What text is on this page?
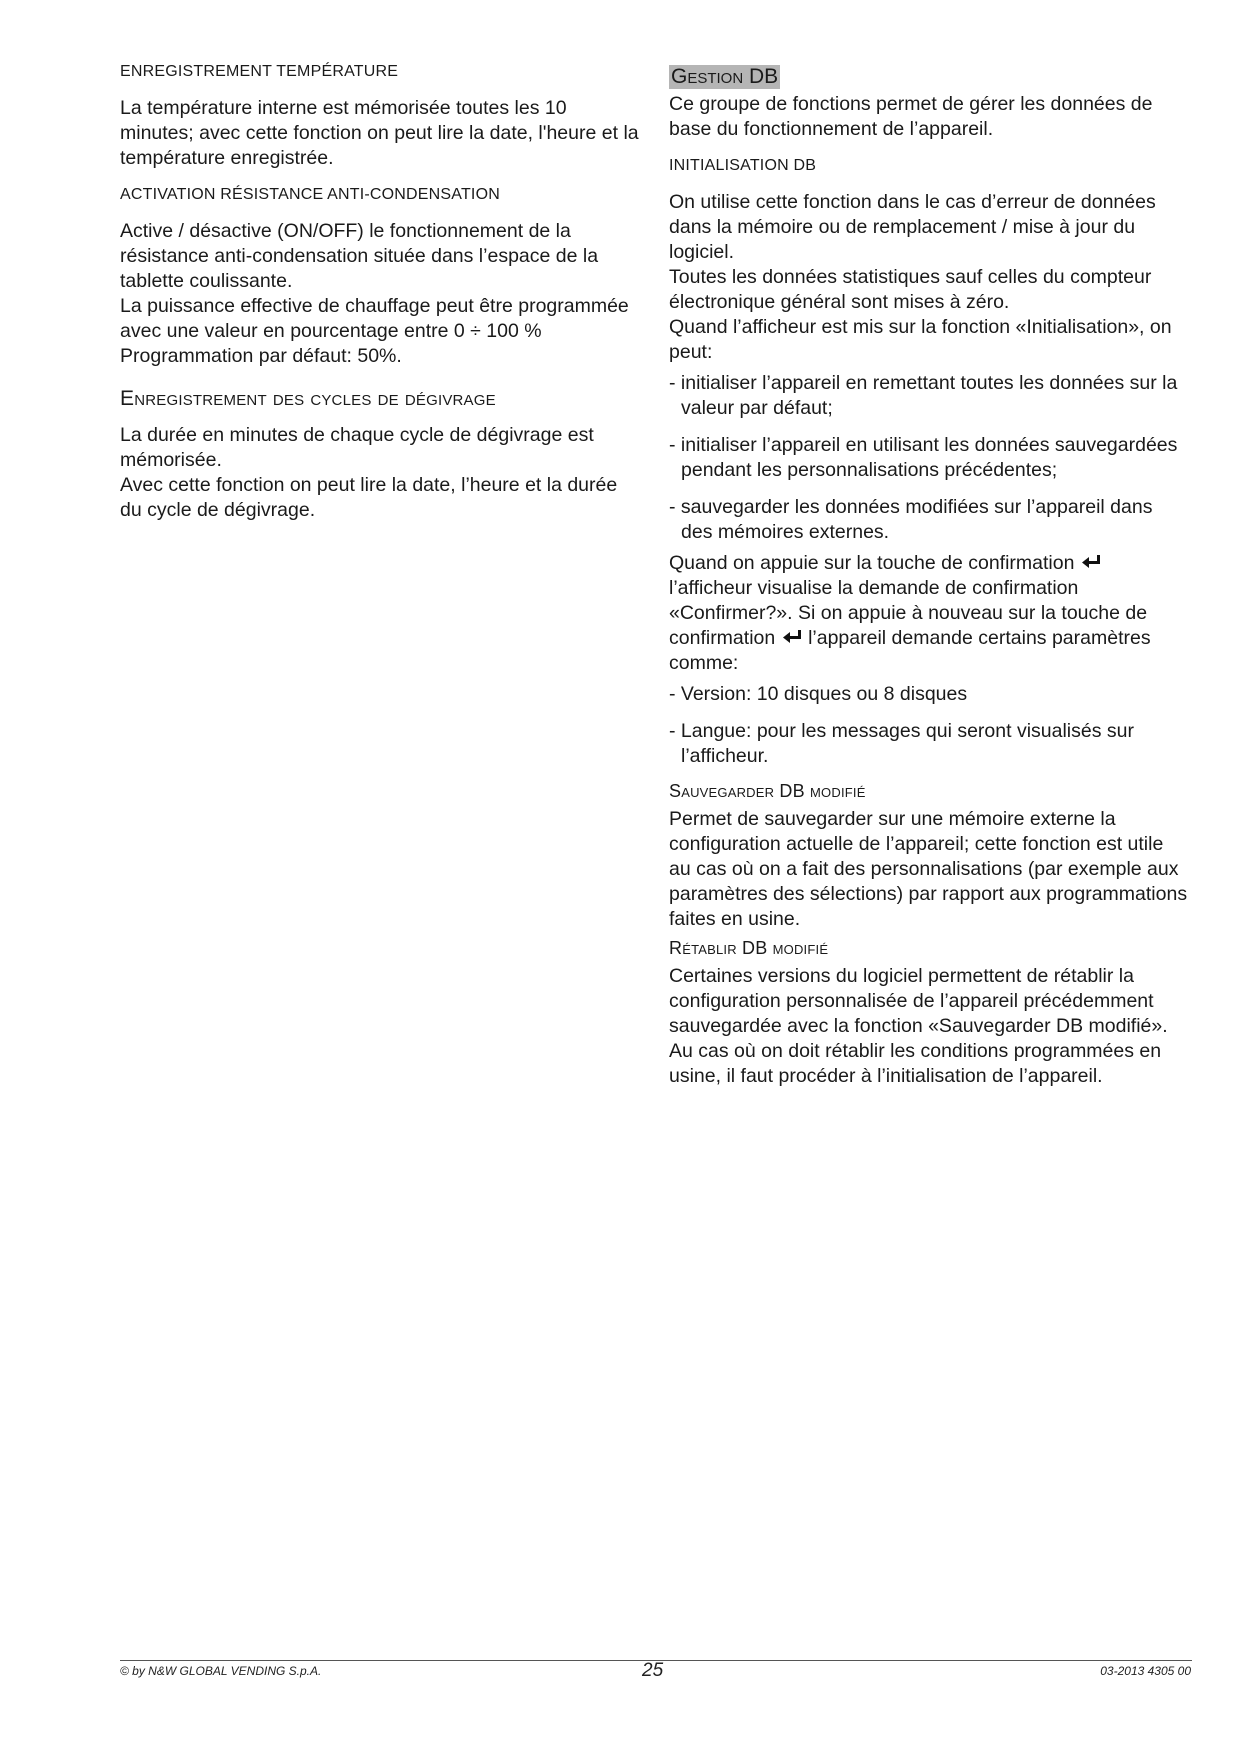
ENREGISTREMENT TEMPÉRATURE

La température interne est mémorisée toutes les 10 minutes; avec cette fonction on peut lire la date, l'heure et la température enregistrée.

ACTIVATION RÉSISTANCE ANTI-CONDENSATION

Active / désactive (ON/OFF) le fonctionnement de la résistance anti-condensation située dans l’espace de la tablette coulissante.

La puissance effective de chauffage peut être programmée avec une valeur en pourcentage entre 0 ÷ 100 %

Programmation par défaut: 50%.

Enregistrement des cycles de dégivrage

La durée en minutes de chaque cycle de dégivrage est mémorisée.

Avec cette fonction on peut lire la date, l’heure et la durée du cycle de dégivrage.

Gestion DB

Ce groupe de fonctions permet de gérer les données de base du fonctionnement de l’appareil.

INITIALISATION DB

On utilise cette fonction dans le cas d’erreur de données dans la mémoire ou de remplacement / mise à jour du logiciel.

Toutes les données statistiques sauf celles du compteur électronique général sont mises à zéro.

Quand l’afficheur est mis sur la fonction «Initialisation», on peut:

- initialiser l’appareil en remettant toutes les données sur la valeur par défaut;
- initialiser l’appareil en utilisant les données sauvegardées pendant les personnalisations précédentes;
- sauvegarder les données modifiées sur l’appareil dans des mémoires externes.

Quand on appuie sur la touche de confirmation  l’afficheur visualise la demande de confirmation «Confirmer?». Si on appuie à nouveau sur la touche de confirmation l’appareil demande certains paramètres comme:

- Version: 10 disques ou 8 disques
- Langue: pour les messages qui seront visualisés sur l’afficheur.
Sauvegarder DB modifié

Permet de sauvegarder sur une mémoire externe la configuration actuelle de l’appareil; cette fonction est utile au cas où on a fait des personnalisations (par exemple aux paramètres des sélections) par rapport aux programmations faites en usine.

Rétablir DB modifié

Certaines versions du logiciel permettent de rétablir la configuration personnalisée de l’appareil précédemment sauvegardée avec la fonction «Sauvegarder DB modifié».

Au cas où on doit rétablir les conditions programmées en usine, il faut procéder à l’initialisation de l’appareil.

© by N&W GLOBAL VENDING S.p.A.	25	03-2013 4305 00
